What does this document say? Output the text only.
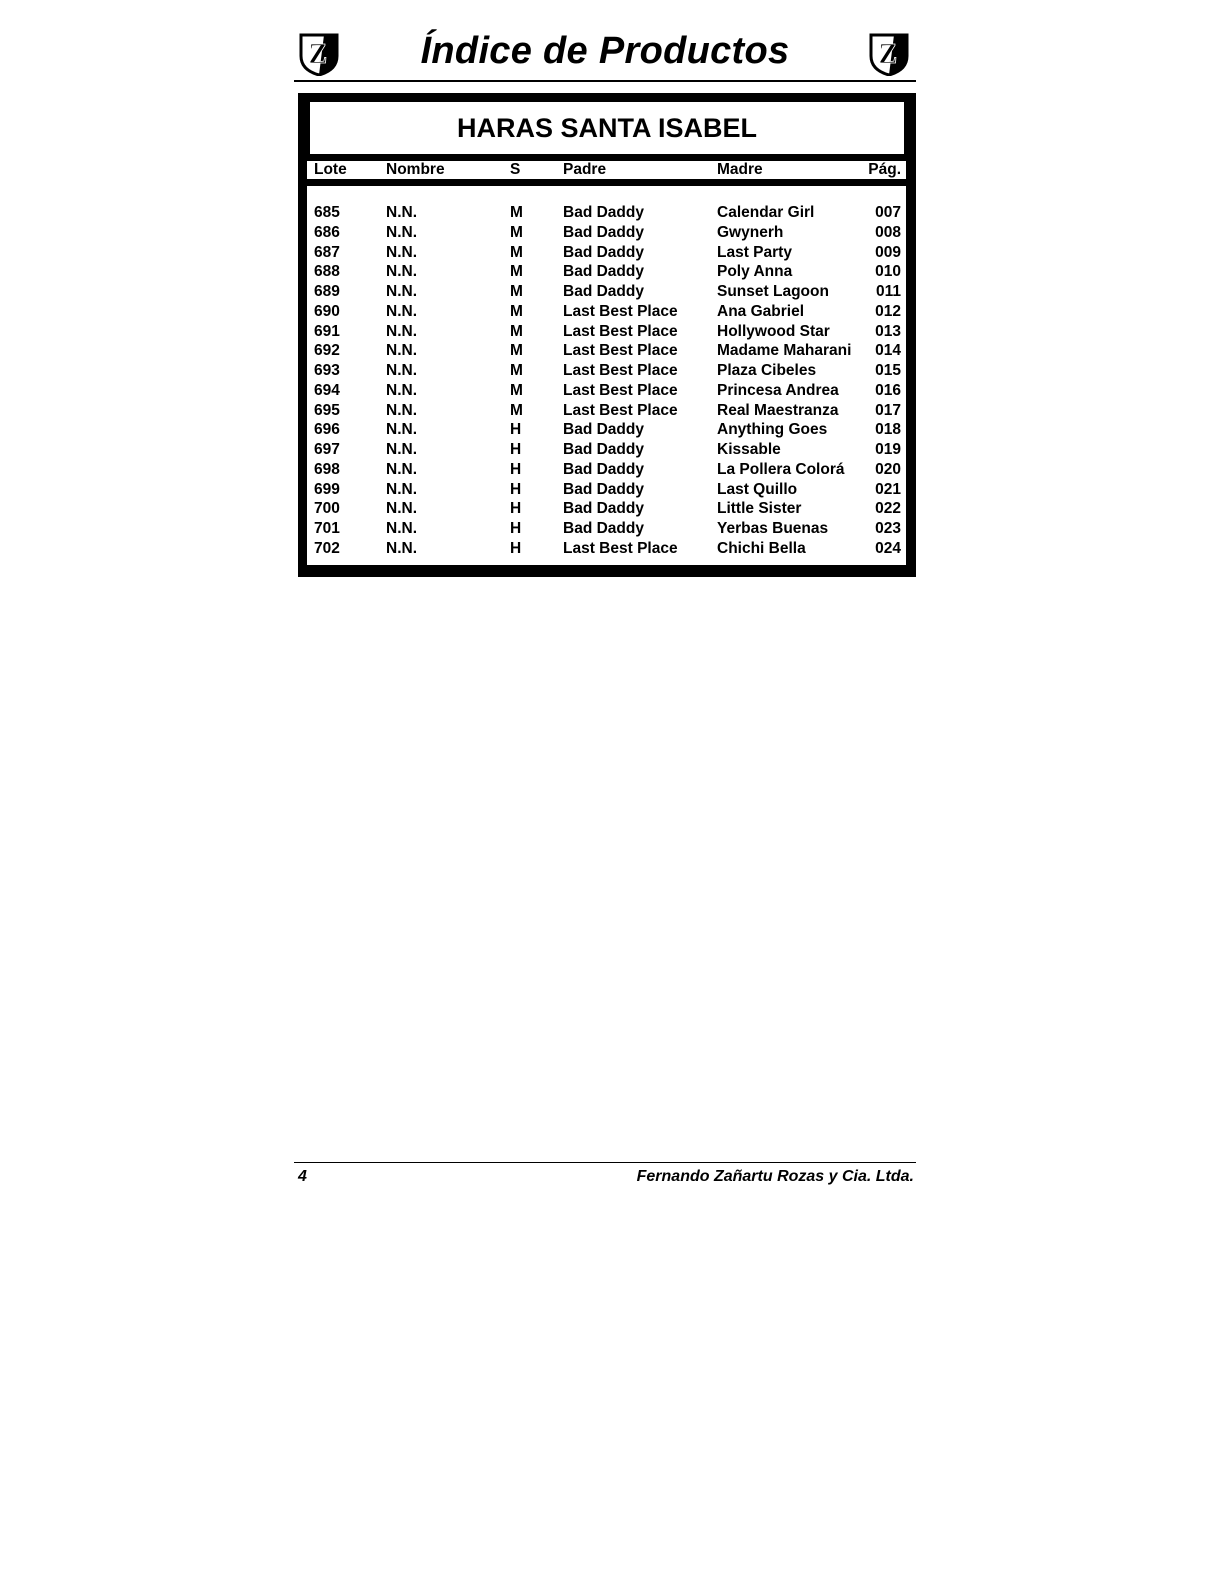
Z	Índice de Productos	Z
HARAS SANTA ISABEL
Lote	Nombre	S	Padre	Madre	Pág.
685	N.N.	M	Bad Daddy	Calendar Girl	007
686	N.N.	M	Bad Daddy	Gwynerh	008
687	N.N.	M	Bad Daddy	Last Party	009
688	N.N.	M	Bad Daddy	Poly Anna	010
689	N.N.	M	Bad Daddy	Sunset Lagoon	011
690	N.N.	M	Last Best Place	Ana Gabriel	012
691	N.N.	M	Last Best Place	Hollywood Star	013
692	N.N.	M	Last Best Place	Madame Maharani 014
693	N.N.	M	Last Best Place	Plaza Cibeles	015
694	N.N.	M	Last Best Place	Princesa Andrea 016
695	N.N.	M	Last Best Place	Real Maestranza 017
696	N.N.	H	Bad Daddy	Anything Goes	018
697	N.N.	H	Bad Daddy	Kissable	019
698	N.N.	H	Bad Daddy	La Pollera Colorá 020
699	N.N.	H	Bad Daddy	Last Quillo	021
700	N.N.	H	Bad Daddy	Little Sister	022
701	N.N.	H	Bad Daddy	Yerbas Buenas	023
702	N.N.	H	Last Best Place	Chichi Bella	024
4	Fernando Zañartu Rozas y Cia. Ltda.
